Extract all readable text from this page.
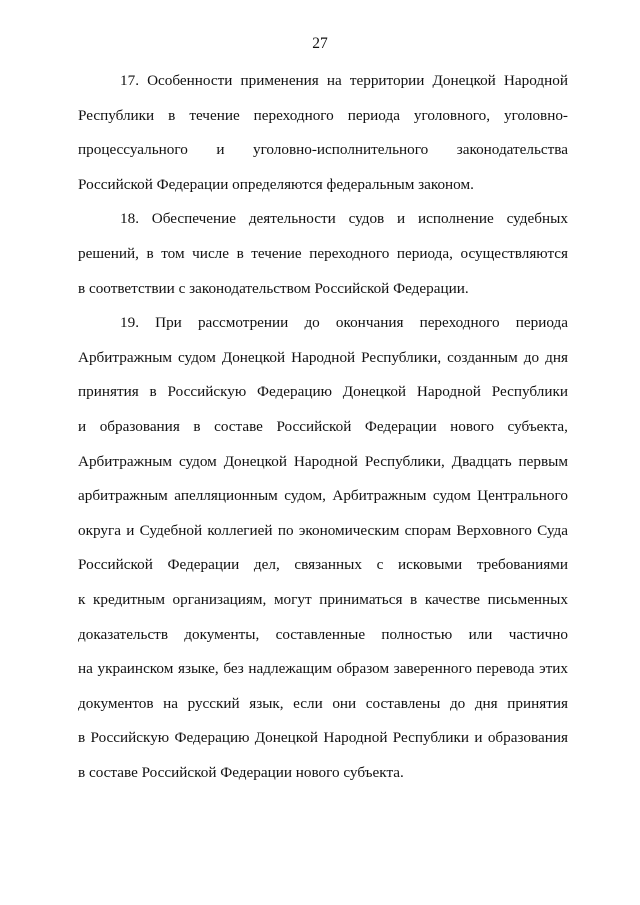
27
17. Особенности применения на территории Донецкой Народной
Республики в течение переходного периода уголовного, уголовно-
процессуального и уголовно-исполнительного законодательства
Российской Федерации определяются федеральным законом.
18. Обеспечение деятельности судов и исполнение судебных
решений, в том числе в течение переходного периода, осуществляются
в соответствии с законодательством Российской Федерации.
19. При рассмотрении до окончания переходного периода
Арбитражным судом Донецкой Народной Республики, созданным до дня
принятия в Российскую Федерацию Донецкой Народной Республики
и образования в составе Российской Федерации нового субъекта,
Арбитражным судом Донецкой Народной Республики, Двадцать первым
арбитражным апелляционным судом, Арбитражным судом Центрального
округа и Судебной коллегией по экономическим спорам Верховного Суда
Российской Федерации дел, связанных с исковыми требованиями
к кредитным организациям, могут приниматься в качестве письменных
доказательств документы, составленные полностью или частично
на украинском языке, без надлежащим образом заверенного перевода этих
документов на русский язык, если они составлены до дня принятия
в Российскую Федерацию Донецкой Народной Республики и образования
в составе Российской Федерации нового субъекта.
